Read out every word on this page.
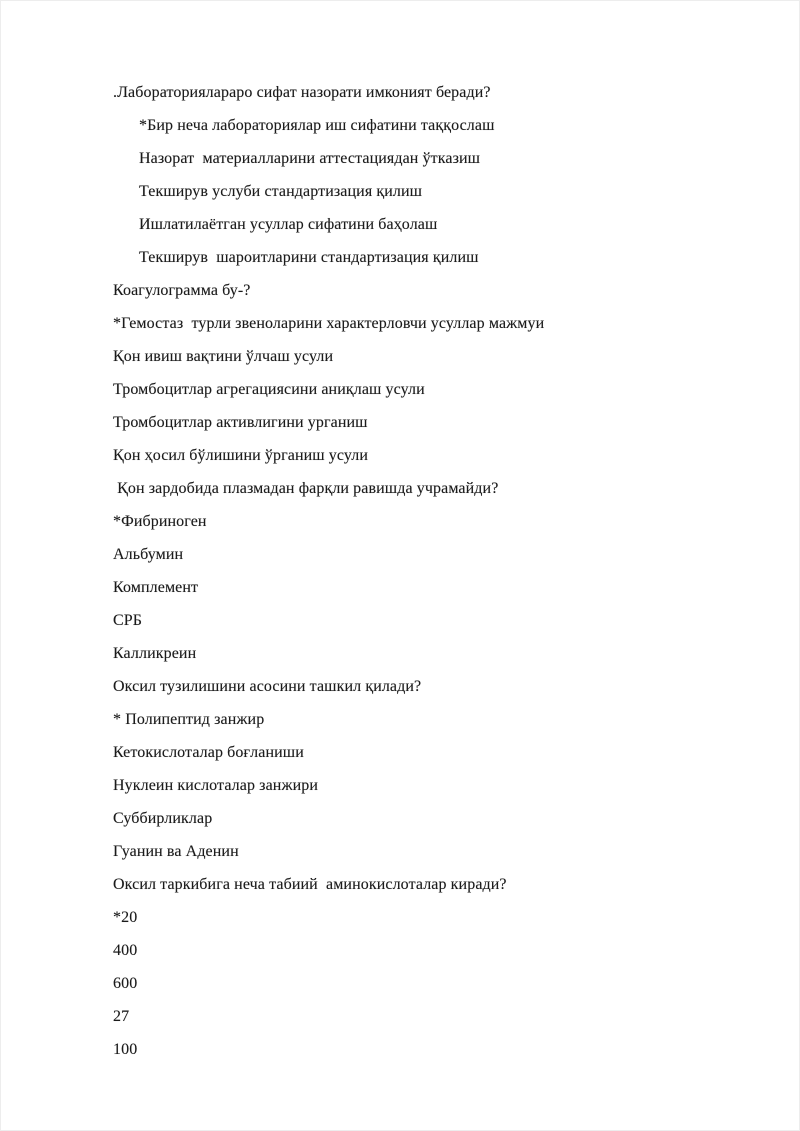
.Лабораториялараро сифат назорати имконият беради?

*Бир неча лабораториялар иш сифатини таққослаш

Назорат  материалларини аттестациядан ўтказиш

Текширув услуби стандартизация қилиш

Ишлатилаётган усуллар сифатини баҳолаш

Текширув  шароитларини стандартизация қилиш

Коагулограмма бу-?

*Гемостаз  турли звеноларини характерловчи усуллар мажмуи

Қон ивиш вақтини ўлчаш усули

Тромбоцитлар агрегациясини аниқлаш усули

Тромбоцитлар активлигини урганиш

Қон ҳосил бўлишини ўрганиш усули

Қон зардобида плазмадан фарқли равишда учрамайди?

*Фибриноген

Альбумин

Комплемент

СРБ

Калликреин

Оксил тузилишини асосини ташкил қилади?

* Полипептид занжир

Кетокислоталар боғланиши

Нуклеин кислоталар занжири

Суббирликлар

Гуанин ва Аденин

Оксил таркибига неча табиий  аминокислоталар киради?

*20

400

600

27

100
